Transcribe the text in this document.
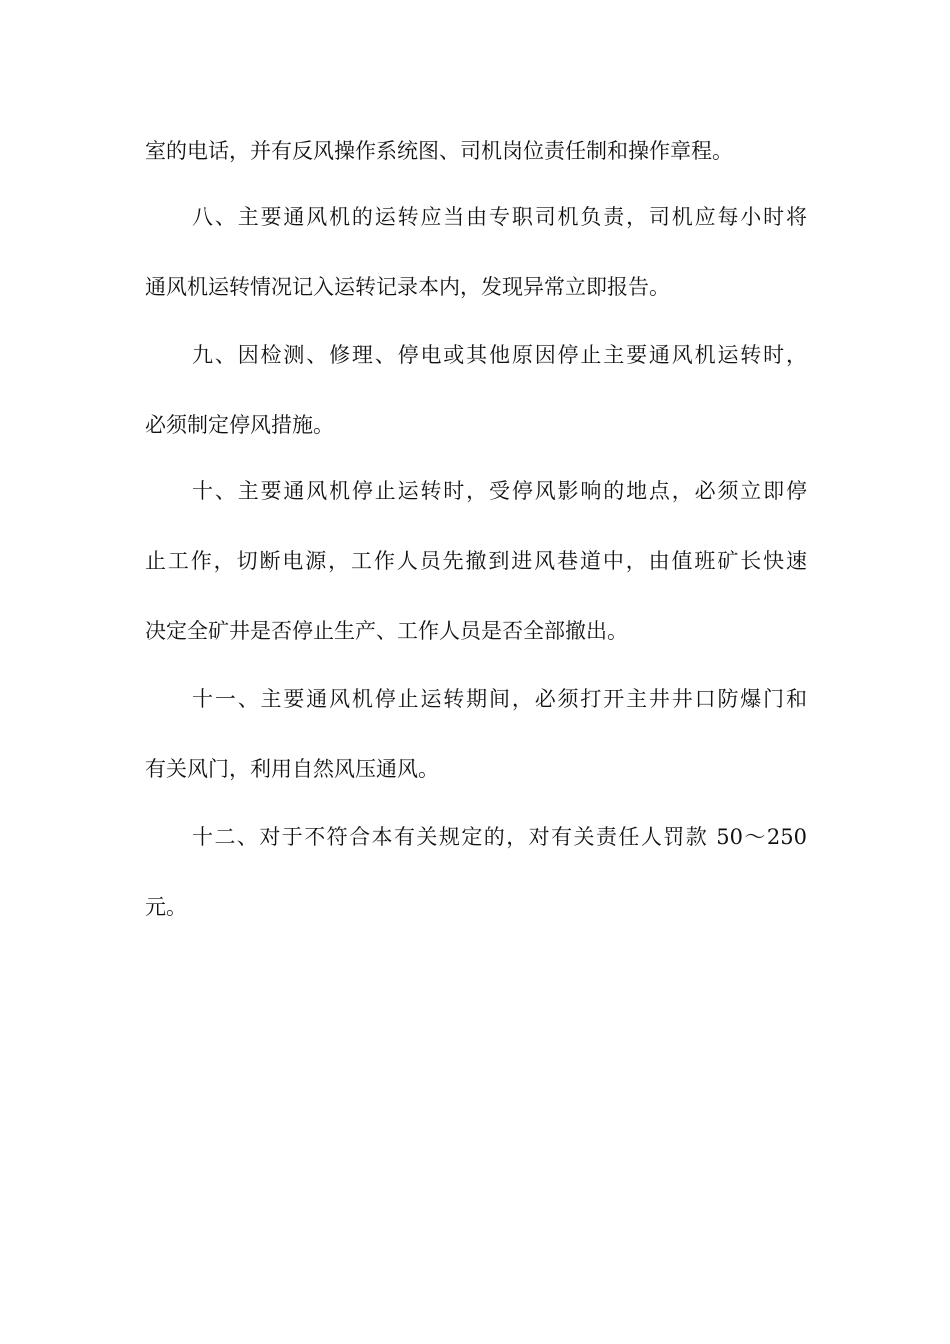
室的电话，并有反风操作系统图、司机岗位责任制和操作章程。
八、主要通风机的运转应当由专职司机负责，司机应每小时将
通风机运转情况记入运转记录本内，发现异常立即报告。
九、因检测、修理、停电或其他原因停止主要通风机运转时，
必须制定停风措施。
十、主要通风机停止运转时，受停风影响的地点，必须立即停
止工作，切断电源，工作人员先撤到进风巷道中，由值班矿长快速
决定全矿井是否停止生产、工作人员是否全部撤出。
十一、主要通风机停止运转期间，必须打开主井井口防爆门和
有关风门，利用自然风压通风。
十二、对于不符合本有关规定的，对有关责任人罚款 50～250
元。
